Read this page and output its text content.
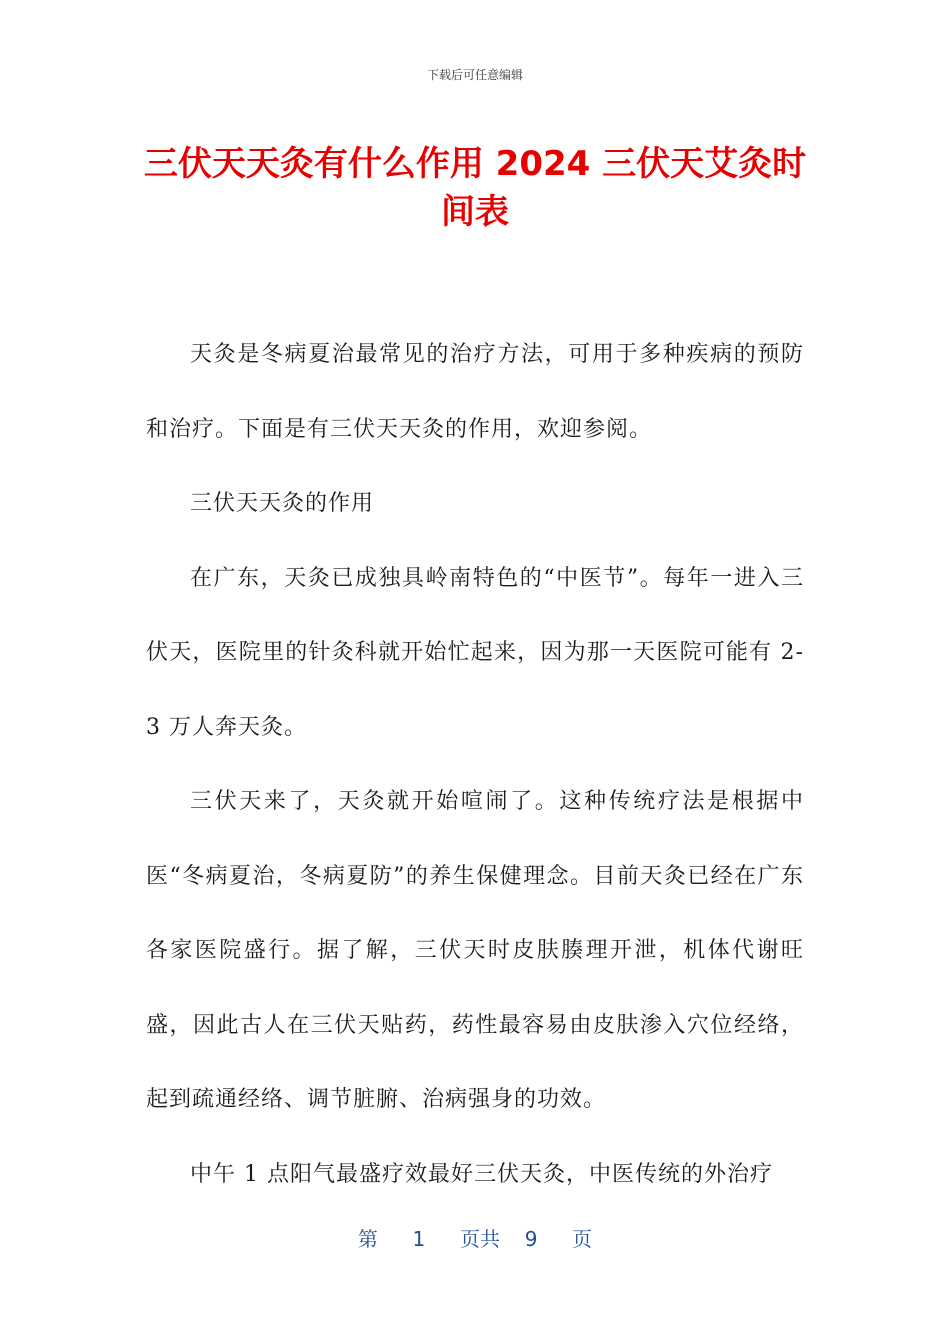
下载后可任意编辑
三伏天天灸有什么作用 2024 三伏天艾灸时间表

天灸是冬病夏治最常见的治疗方法，可用于多种疾病的预防和治疗。下面是有三伏天天灸的作用，欢迎参阅。

三伏天天灸的作用

在广东，天灸已成独具岭南特色的“中医节”。每年一进入三伏天，医院里的针灸科就开始忙起来，因为那一天医院可能有 2-3 万人奔天灸。

三伏天来了，天灸就开始喧闹了。这种传统疗法是根据中医“冬病夏治，冬病夏防”的养生保健理念。目前天灸已经在广东各家医院盛行。据了解，三伏天时皮肤腠理开泄，机体代谢旺盛，因此古人在三伏天贴药，药性最容易由皮肤渗入穴位经络，起到疏通经络、调节脏腑、治病强身的功效。

中午 1 点阳气最盛疗效最好三伏天灸，中医传统的外治疗

第 1 页共 9 页
